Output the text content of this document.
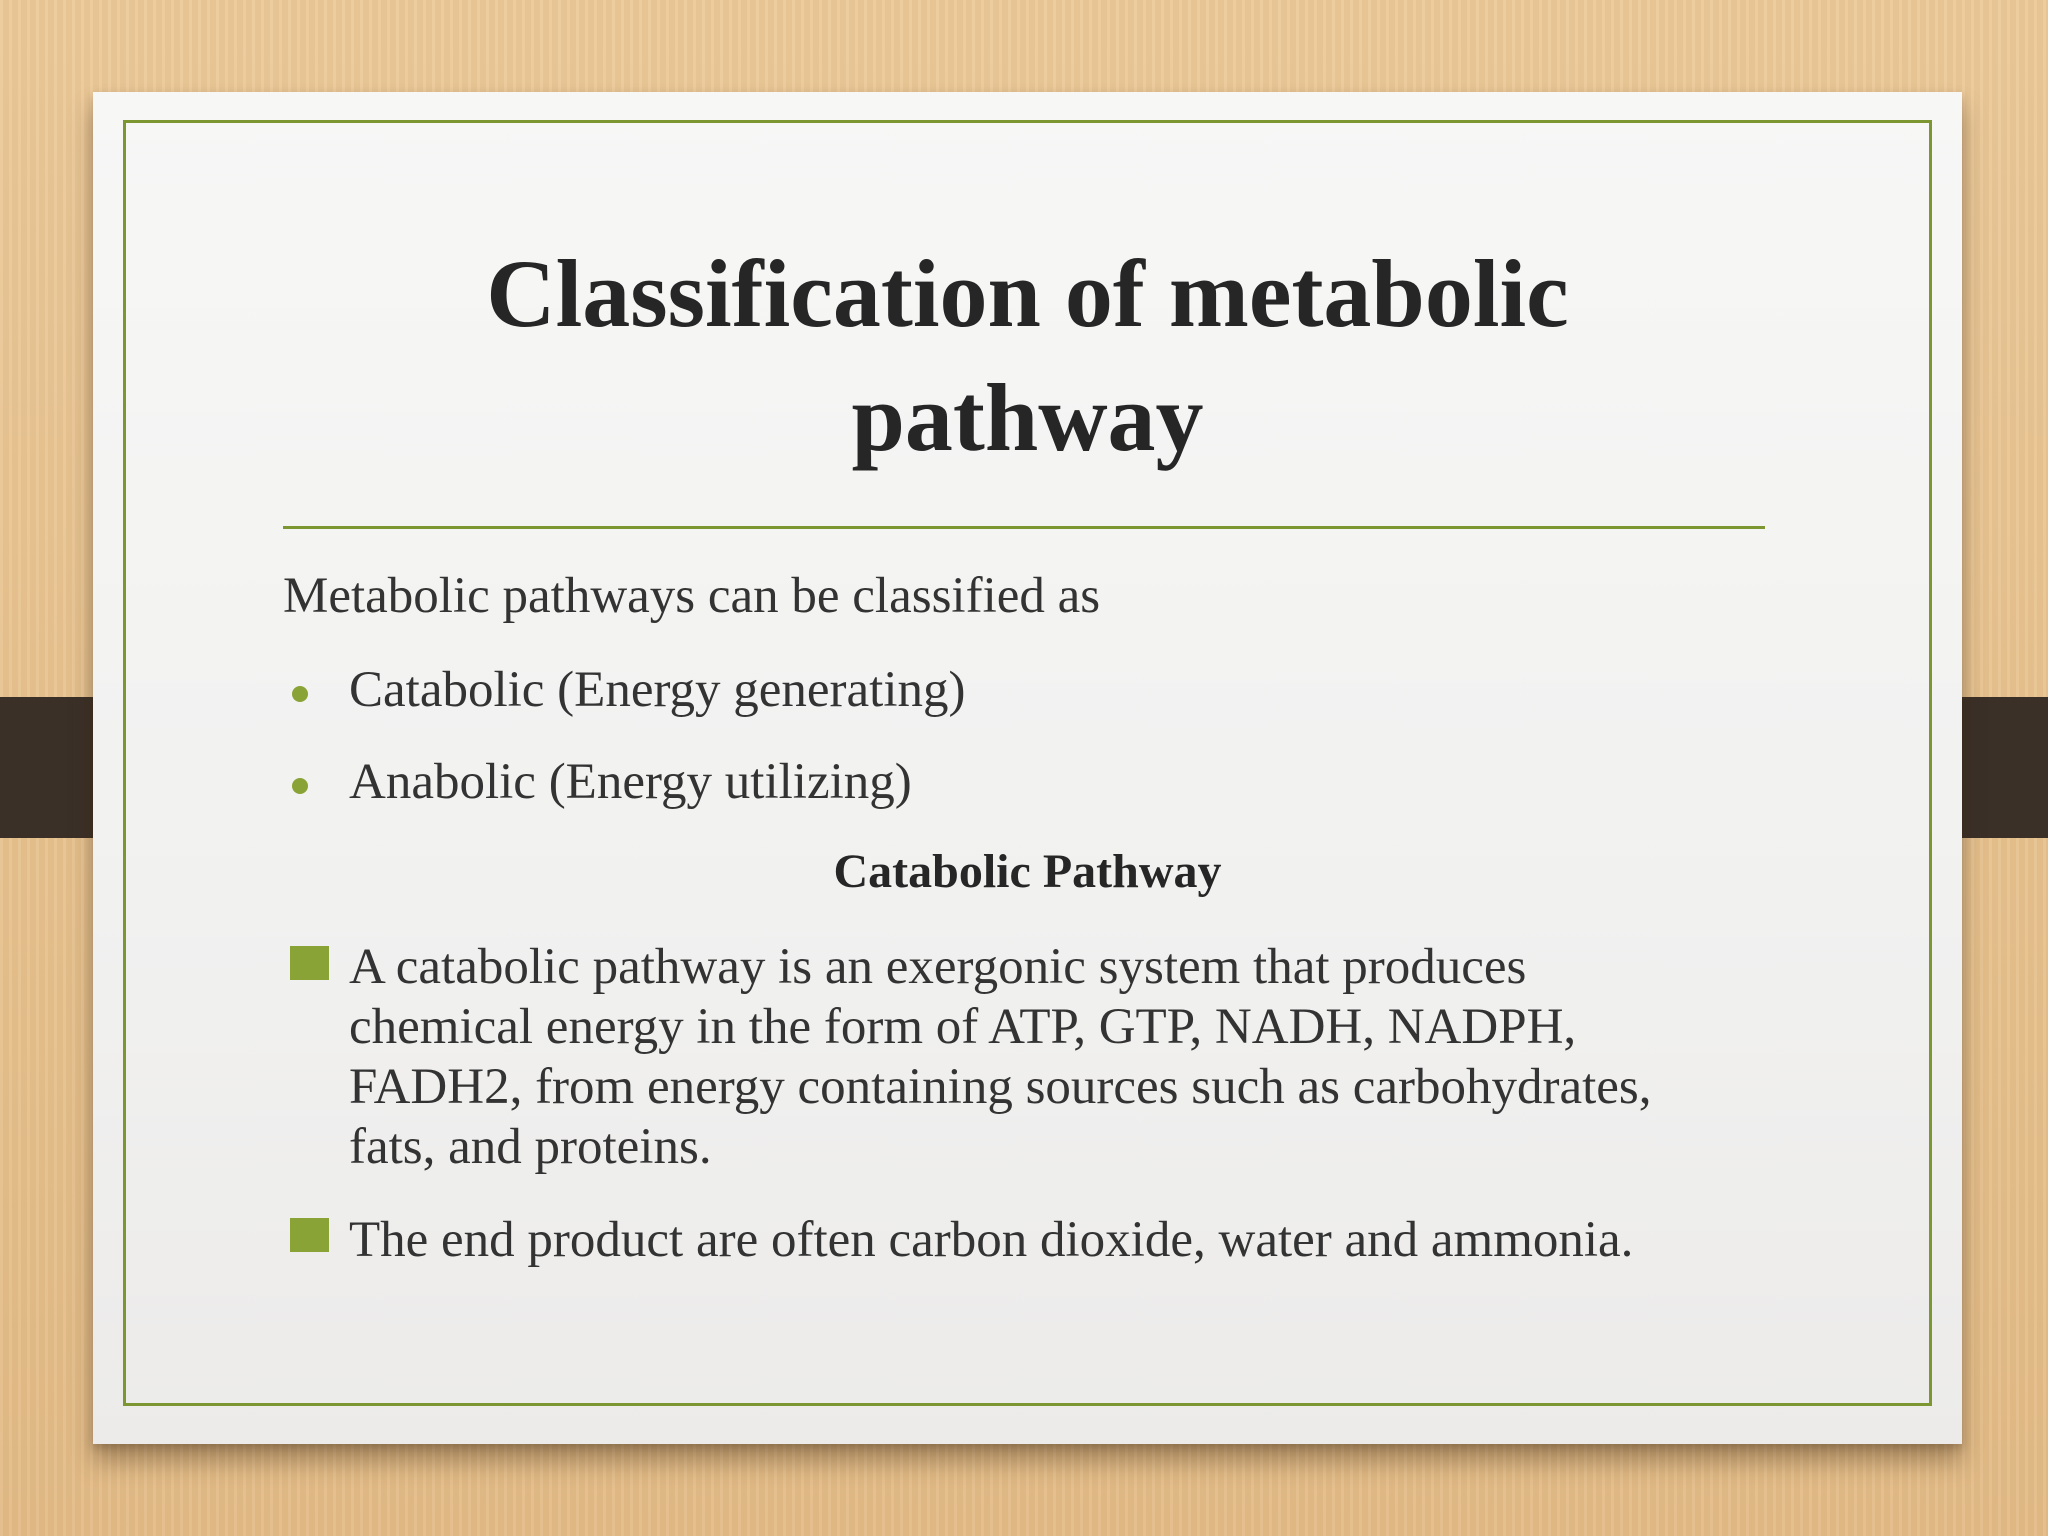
Classification of metabolic
pathway
Metabolic pathways can be classified as
Catabolic (Energy generating)
Anabolic (Energy utilizing)
Catabolic Pathway
A catabolic pathway is an exergonic system that produces
chemical energy in the form of ATP, GTP, NADH, NADPH,
FADH2, from energy containing sources such as carbohydrates,
fats, and proteins.
The end product are often carbon dioxide, water and ammonia.
